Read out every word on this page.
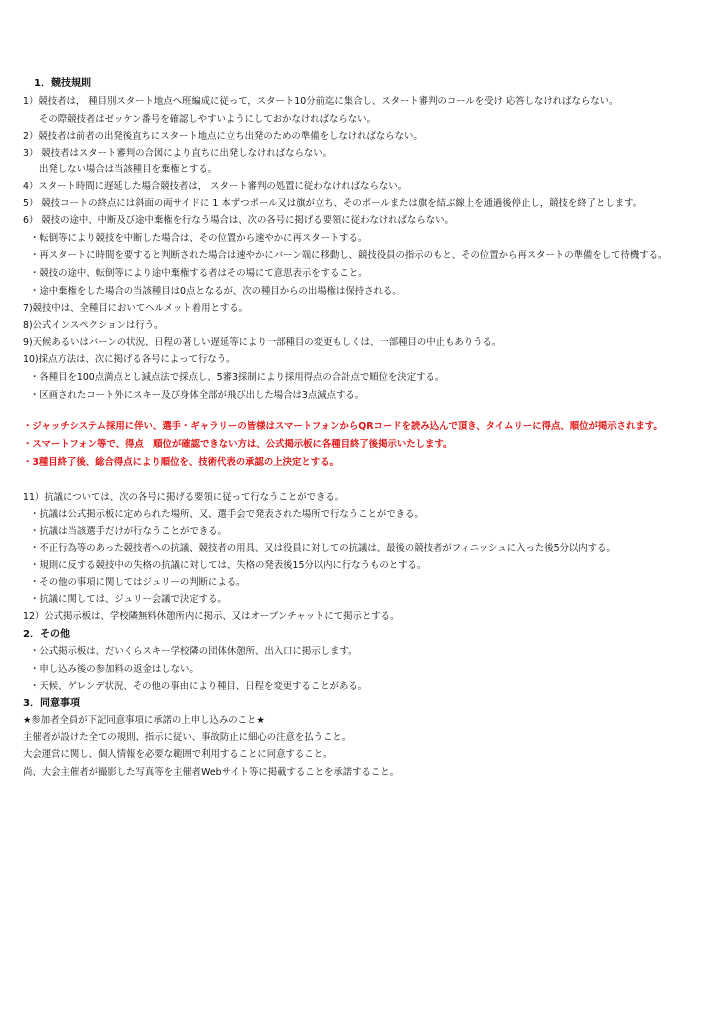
1．競技規則
1）競技者は， 種目別スタート地点へ班編成に従って，スタート10分前迄に集合し、スタート審判のコールを受け 応答しなければならない。
その際競技者はゼッケン番号を確認しやすいようにしておかなければならない。
2）競技者は前者の出発後直ちにスタート地点に立ち出発のための準備をしなければならない。
3） 競技者はスタート審判の合図により直ちに出発しなければならない。
出発しない場合は当該種目を棄権とする。
4）スタート時間に遅延した場合競技者は， スタート審判の処置に従わなければならない。
5） 競技コートの終点には斜面の両サイドに 1 本ずつポール又は旗が立ち、そのポールまたは旗を結ぶ線上を通過後停止し，競技を終了とします。
6） 競技の途中、中断及び途中棄権を行なう場合は、次の各号に掲げる要領に従わなければならない。
・転倒等により競技を中断した場合は、その位置から速やかに再スタートする。
・再スタートに時間を要すると判断された場合は速やかにバーン端に移動し、競技役員の指示のもと、その位置から再スタートの準備をして待機する。
・競技の途中、転倒等により途中棄権する者はその場にて意思表示をすること。
・途中棄権をした場合の当該種目は0点となるが、次の種目からの出場権は保持される。
7)競技中は、全種目においてヘルメット着用とする。
8)公式インスペクションは行う。
9)天候あるいはバーンの状況、日程の著しい遅延等により一部種目の変更もしくは、一部種目の中止もありうる。
10)採点方法は、次に掲げる各号によって行なう。
・各種目を100点満点とし減点法で採点し、5審3採制により採用得点の合計点で順位を決定する。
・区画されたコート外にスキー及び身体全部が飛び出した場合は3点減点する。
・ジャッチシステム採用に伴い、選手・ギャラリーの皆様はスマートフォンからQRコードを読み込んで頂き、タイムリーに得点、順位が掲示されます。
・スマートフォン等で、得点　順位が確認できない方は、公式掲示板に各種目終了後掲示いたします。
・3種目終了後、総合得点により順位を、技術代表の承認の上決定とする。
11）抗議については、次の各号に掲げる要領に従って行なうことができる。
・抗議は公式掲示板に定められた場所、又、選手会で発表された場所で行なうことができる。
・抗議は当該選手だけが行なうことができる。
・不正行為等のあった競技者への抗議、競技者の用具、又は役員に対しての抗議は、最後の競技者がフィニッシュに入った後5分以内する。
・規則に反する競技中の失格の抗議に対しては、失格の発表後15分以内に行なうものとする。
・その他の事項に関してはジュリーの判断による。
・抗議に関しては、ジュリー会議で決定する。
12）公式掲示板は、学校隣無料休憩所内に掲示、又はオープンチャットにて掲示とする。
2．その他
・公式掲示板は、だいくらスキー学校隣の団体休憩所、出入口に掲示します。
・申し込み後の参加料の返金はしない。
・天候、ゲレンデ状況、その他の事由により種目、日程を変更することがある。
3．同意事項
★参加者全員が下記同意事項に承諾の上申し込みのこと★
主催者が設けた全ての規則、指示に従い、事故防止に細心の注意を払うこと。
大会運営に関し、個人情報を必要な範囲で利用することに同意すること。
尚、大会主催者が撮影した写真等を主催者Webサイト等に掲載することを承諾すること。
